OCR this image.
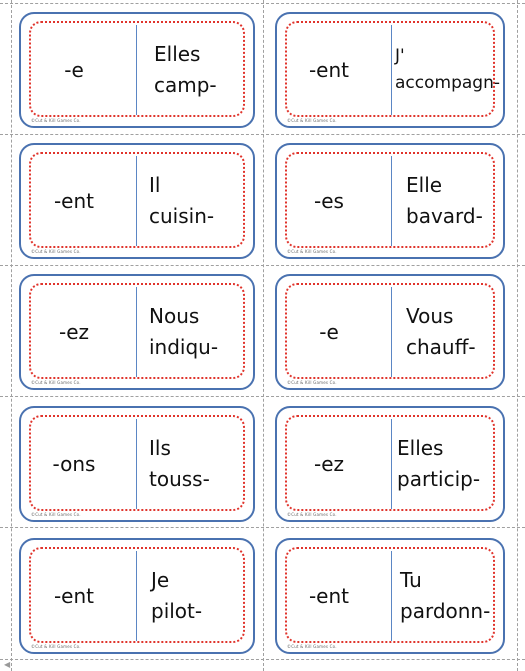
-e
Elles
camp-
©Cut & Kill Games Co.
-ent
J'
accompagn-
©Cut & Kill Games Co.
-ent
Il
cuisin-
©Cut & Kill Games Co.
-es
Elle
bavard-
©Cut & Kill Games Co.
-ez
Nous
indiqu-
©Cut & Kill Games Co.
-e
Vous
chauff-
©Cut & Kill Games Co.
-ons
Ils
touss-
©Cut & Kill Games Co.
-ez
Elles
particip-
©Cut & Kill Games Co.
-ent
Je
pilot-
©Cut & Kill Games Co.
-ent
Tu
pardonn-
©Cut & Kill Games Co.
◀
